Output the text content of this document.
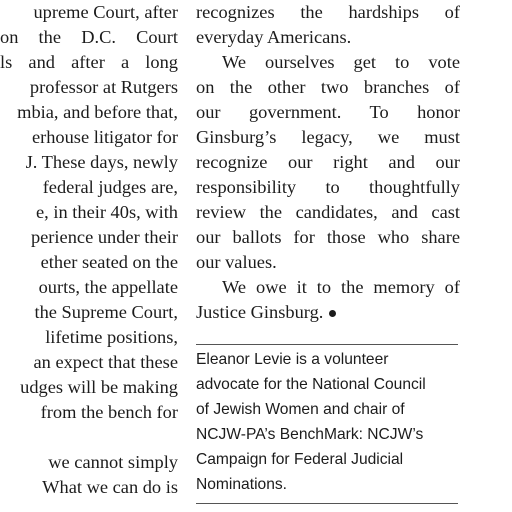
upreme Court, after
on the D.C. Court
ls and after a long
professor at Rutgers
mbia, and before that,
erhouse litigator for
J. These days, newly
federal judges are,
e, in their 40s, with
perience under their
ether seated on the
ourts, the appellate
the Supreme Court,
lifetime positions,
an expect that these
udges will be making
from the bench for
we cannot simply
What we can do is
recognizes the hardships of
everyday Americans.
We ourselves get to vote
on the other two branches of
our government. To honor
Ginsburg’s legacy, we must
recognize our right and our
responsibility to thoughtfully
review the candidates, and cast
our ballots for those who share
our values.
We owe it to the memory of
Justice Ginsburg.
Eleanor Levie is a volunteer
advocate for the National Council
of Jewish Women and chair of
NCJW-PA’s BenchMark: NCJW’s
Campaign for Federal Judicial
Nominations.
